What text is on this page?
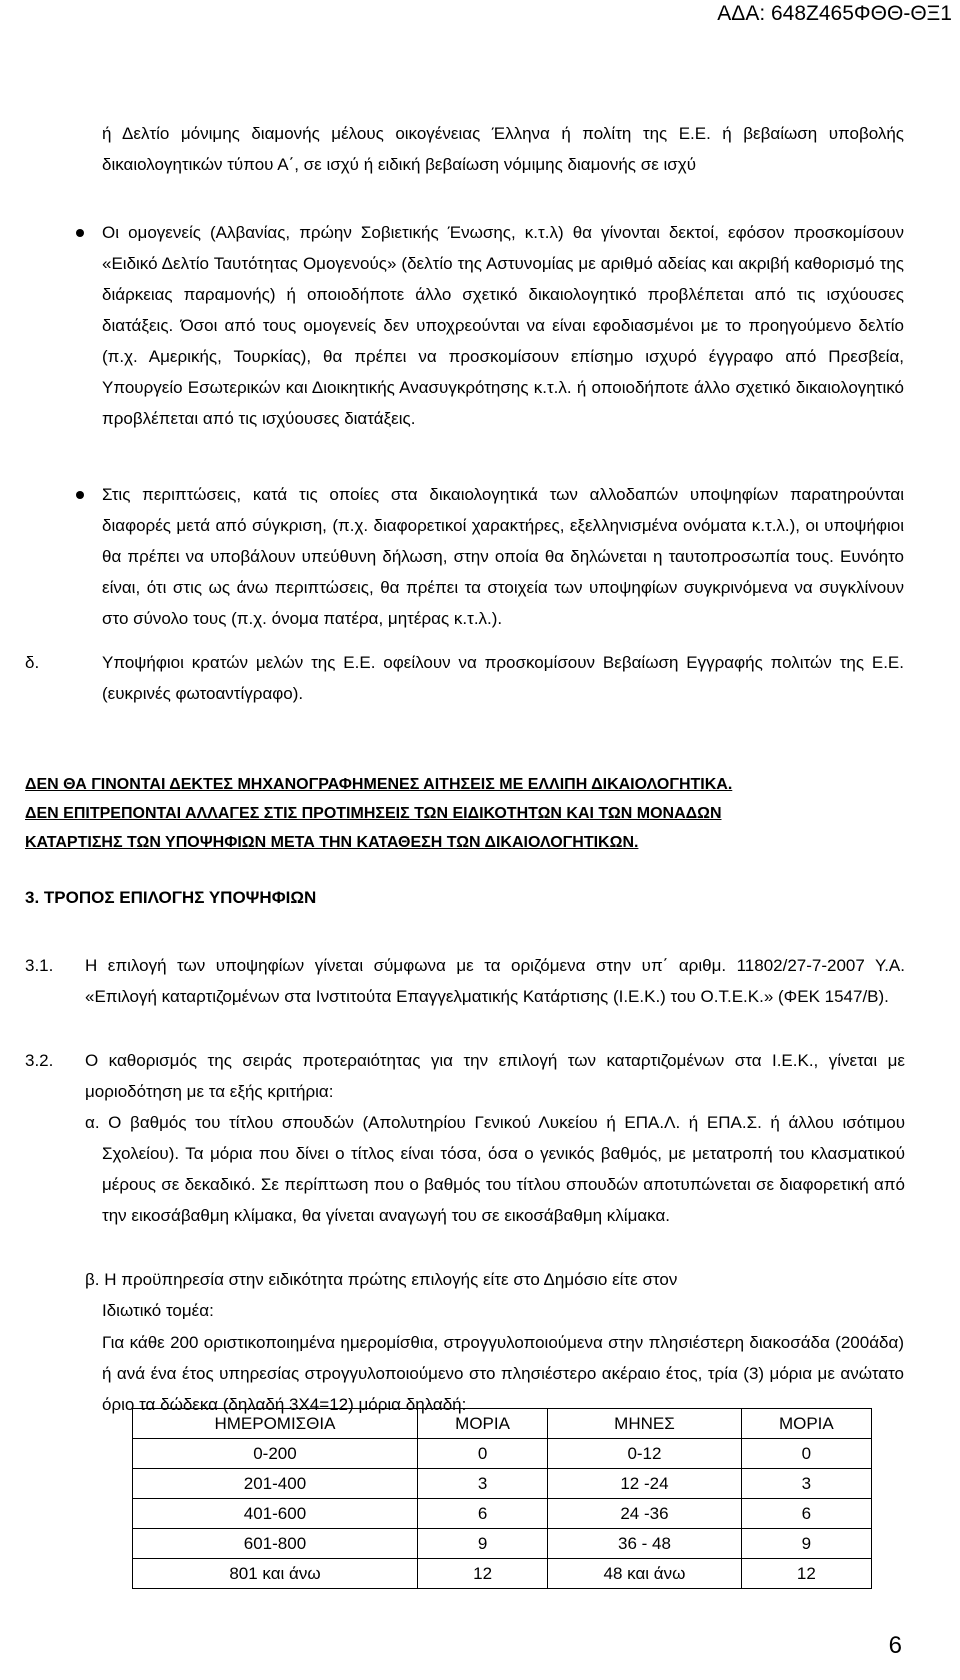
ΑΔΑ: 648Ζ465ΦΘΘ-ΘΞ1
ή Δελτίο μόνιμης διαμονής μέλους οικογένειας Έλληνα ή πολίτη της Ε.Ε. ή βεβαίωση υποβολής δικαιολογητικών τύπου Α΄, σε ισχύ ή ειδική βεβαίωση νόμιμης διαμονής σε ισχύ
Οι ομογενείς (Αλβανίας, πρώην Σοβιετικής Ένωσης, κ.τ.λ) θα γίνονται δεκτοί, εφόσον προσκομίσουν «Ειδικό Δελτίο Ταυτότητας Ομογενούς» (δελτίο της Αστυνομίας με αριθμό αδείας και ακριβή καθορισμό της διάρκειας παραμονής) ή οποιοδήποτε άλλο σχετικό δικαιολογητικό προβλέπεται από τις ισχύουσες διατάξεις. Όσοι από τους ομογενείς δεν υποχρεούνται να είναι εφοδιασμένοι με το προηγούμενο δελτίο (π.χ. Αμερικής, Τουρκίας), θα πρέπει να προσκομίσουν επίσημο ισχυρό έγγραφο από Πρεσβεία, Υπουργείο Εσωτερικών και Διοικητικής Ανασυγκρότησης κ.τ.λ. ή οποιοδήποτε άλλο σχετικό δικαιολογητικό προβλέπεται από τις ισχύουσες διατάξεις.
Στις περιπτώσεις, κατά τις οποίες στα δικαιολογητικά των αλλοδαπών υποψηφίων παρατηρούνται διαφορές μετά από σύγκριση, (π.χ. διαφορετικοί χαρακτήρες, εξελληνισμένα ονόματα κ.τ.λ.), οι υποψήφιοι θα πρέπει να υποβάλουν υπεύθυνη δήλωση, στην οποία θα δηλώνεται η ταυτοπροσωπία τους. Ευνόητο είναι, ότι στις ως άνω περιπτώσεις, θα πρέπει τα στοιχεία των υποψηφίων συγκρινόμενα να συγκλίνουν στο σύνολο τους (π.χ. όνομα πατέρα, μητέρας κ.τ.λ.).
δ.	Υποψήφιοι κρατών μελών της Ε.Ε. οφείλουν να προσκομίσουν Βεβαίωση Εγγραφής πολιτών της Ε.Ε. (ευκρινές φωτοαντίγραφο).
ΔΕΝ ΘΑ ΓΙΝΟΝΤΑΙ ΔΕΚΤΕΣ ΜΗΧΑΝΟΓΡΑΦΗΜΕΝΕΣ ΑΙΤΗΣΕΙΣ ΜΕ ΕΛΛΙΠΗ ΔΙΚΑΙΟΛΟΓΗΤΙΚΑ.
ΔΕΝ ΕΠΙΤΡΕΠΟΝΤΑΙ ΑΛΛΑΓΕΣ ΣΤΙΣ ΠΡΟΤΙΜΗΣΕΙΣ ΤΩΝ ΕΙΔΙΚΟΤΗΤΩΝ ΚΑΙ ΤΩΝ ΜΟΝΑΔΩΝ
ΚΑΤΑΡΤΙΣΗΣ ΤΩΝ ΥΠΟΨΗΦΙΩΝ ΜΕΤΑ ΤΗΝ ΚΑΤΑΘΕΣΗ ΤΩΝ ΔΙΚΑΙΟΛΟΓΗΤΙΚΩΝ.
3. ΤΡΟΠΟΣ ΕΠΙΛΟΓΗΣ ΥΠΟΨΗΦΙΩΝ
3.1. Η επιλογή των υποψηφίων γίνεται σύμφωνα με τα οριζόμενα στην υπ΄ αριθμ. 11802/27-7-2007 Υ.Α. «Επιλογή καταρτιζομένων στα Ινστιτούτα Επαγγελματικής Κατάρτισης (Ι.Ε.Κ.) του Ο.Τ.Ε.Κ.» (ΦΕΚ 1547/Β).
3.2. Ο καθορισμός της σειράς προτεραιότητας για την επιλογή των καταρτιζομένων στα Ι.Ε.Κ., γίνεται με μοριοδότηση με τα εξής κριτήρια:
α. Ο βαθμός του τίτλου σπουδών (Απολυτηρίου Γενικού Λυκείου ή ΕΠΑ.Λ. ή ΕΠΑ.Σ. ή άλλου ισότιμου Σχολείου). Τα μόρια που δίνει ο τίτλος είναι τόσα, όσα ο γενικός βαθμός, με μετατροπή του κλασματικού μέρους σε δεκαδικό. Σε περίπτωση που ο βαθμός του τίτλου σπουδών αποτυπώνεται σε διαφορετική από την εικοσάβαθμη κλίμακα, θα γίνεται αναγωγή του σε εικοσάβαθμη κλίμακα.
β. Η προϋπηρεσία στην ειδικότητα πρώτης επιλογής είτε στο Δημόσιο είτε στον
Ιδιωτικό τομέα:
Για κάθε 200 οριστικοποιημένα ημερομίσθια, στρογγυλοποιούμενα στην πλησιέστερη διακοσάδα (200άδα) ή ανά ένα έτος υπηρεσίας στρογγυλοποιούμενο στο πλησιέστερο ακέραιο έτος, τρία (3) μόρια με ανώτατο όριο τα δώδεκα (δηλαδή 3Χ4=12) μόρια δηλαδή:
ΗΜΕΡΟΜΙΣΘΙΑ	ΜΟΡΙΑ	ΜΗΝΕΣ	ΜΟΡΙΑ
0-200	0	0-12	0
201-400	3	12 -24	3
401-600	6	24 -36	6
601-800	9	36 - 48	9
801 και άνω	12	48 και άνω	12
6
